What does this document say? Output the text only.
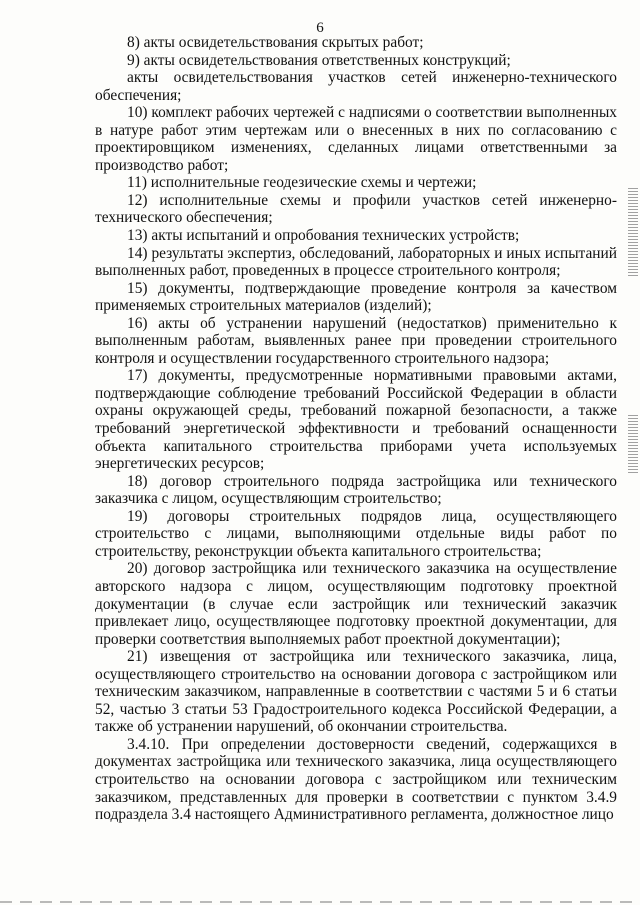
6

8) акты освидетельствования скрытых работ;

9) акты освидетельствования ответственных конструкций;

акты освидетельствования участков сетей инженерно-технического обеспечения;

10) комплект рабочих чертежей с надписями о соответствии выполненных в натуре работ этим чертежам или о внесенных в них по согласованию с проектировщиком изменениях, сделанных лицами ответственными за производство работ;

11) исполнительные геодезические схемы и чертежи;

12) исполнительные схемы и профили участков сетей инженерно-технического обеспечения;

13) акты испытаний и опробования технических устройств;

14) результаты экспертиз, обследований, лабораторных и иных испытаний выполненных работ, проведенных в процессе строительного контроля;

15) документы, подтверждающие проведение контроля за качеством применяемых строительных материалов (изделий);

16) акты об устранении нарушений (недостатков) применительно к выполненным работам, выявленных ранее при проведении строительного контроля и осуществлении государственного строительного надзора;

17) документы, предусмотренные нормативными правовыми актами, подтверждающие соблюдение требований Российской Федерации в области охраны окружающей среды, требований пожарной безопасности, а также требований энергетической эффективности и требований оснащенности объекта капитального строительства приборами учета используемых энергетических ресурсов;

18) договор строительного подряда застройщика или технического заказчика с лицом, осуществляющим строительство;

19) договоры строительных подрядов лица, осуществляющего строительство с лицами, выполняющими отдельные виды работ по строительству, реконструкции объекта капитального строительства;

20) договор застройщика или технического заказчика на осуществление авторского надзора с лицом, осуществляющим подготовку проектной документации (в случае если застройщик или технический заказчик привлекает лицо, осуществляющее подготовку проектной документации, для проверки соответствия выполняемых работ проектной документации);

21) извещения от застройщика или технического заказчика, лица, осуществляющего строительство на основании договора с застройщиком или техническим заказчиком, направленные в соответствии с частями 5 и 6 статьи 52, частью 3 статьи 53 Градостроительного кодекса Российской Федерации, а также об устранении нарушений, об окончании строительства.

3.4.10. При определении достоверности сведений, содержащихся в документах застройщика или технического заказчика, лица осуществляющего строительство на основании договора с застройщиком или техническим заказчиком, представленных для проверки в соответствии с пунктом 3.4.9 подраздела 3.4 настоящего Административного регламента, должностное лицо
